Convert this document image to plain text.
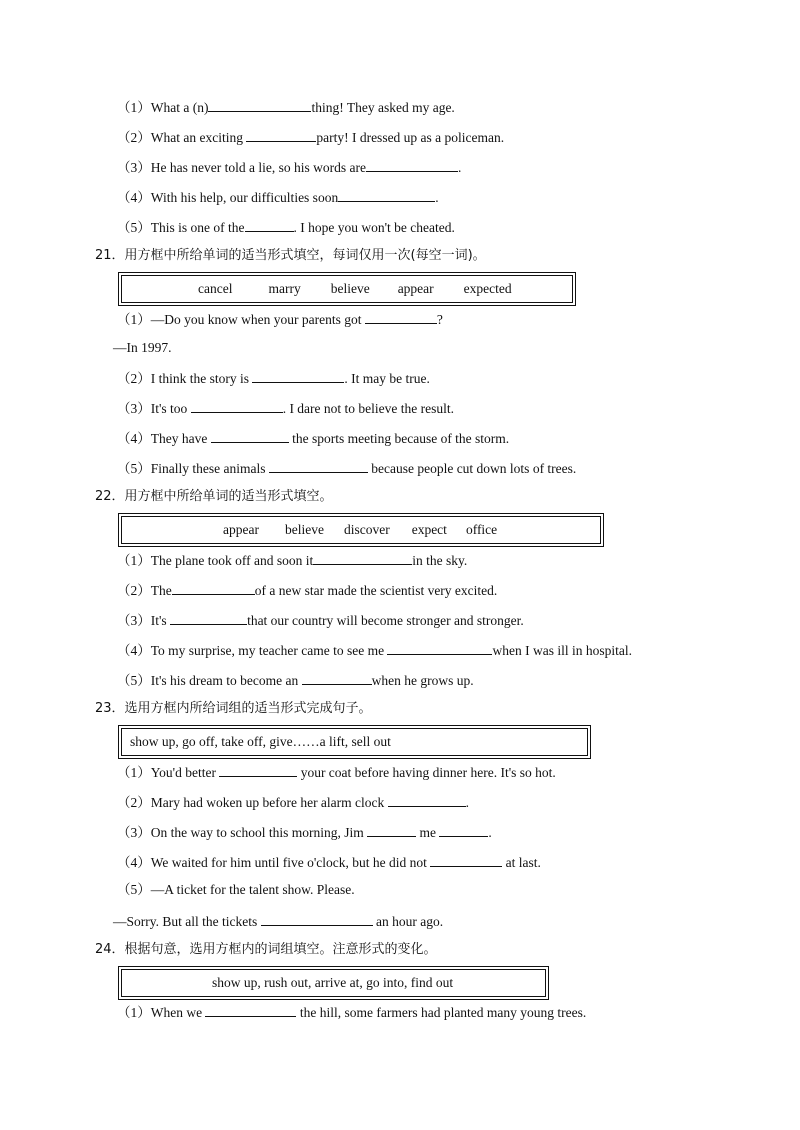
（1）What a (n)	thing! They asked my age.
（2）What an exciting	party! I dressed up as a policeman.
（3）He has never told a lie, so his words are	.
（4）With his help, our difficulties soon	.
（5）This is one of the	. I hope you won't be cheated.
21．用方框中所给单词的适当形式填空，每词仅用一次(每空一词)。
cancel	marry believe appear expected
（1）—Do you know when your parents got	?
—In 1997.
（2）I think the story is	. It may be true.
（3）It's too	. I dare not to believe the result.
（4）They have	the sports meeting because of the storm.
（5）Finally these animals	because people cut down lots of trees.
22．用方框中所给单词的适当形式填空。
appear believe discover expect office
（1）The plane took off and soon it	in the sky.
（2）The	of a new star made the scientist very excited.
（3）It's	that our country will become stronger and stronger.
（4）To my surprise, my teacher came to see me	when I was ill in hospital.
（5）It's his dream to become an	when he grows up.
23．选用方框内所给词组的适当形式完成句子。
show up, go off, take off, give……a lift, sell out
（1）You'd better	your coat before having dinner here. It's so hot.
（2）Mary had woken up before her alarm clock	.
（3）On the way to school this morning, Jim	me	.
（4）We waited for him until five o'clock, but he did not	at last.
（5）—A ticket for the talent show. Please.
—Sorry. But all the tickets	an hour ago.
24．根据句意，选用方框内的词组填空。注意形式的变化。
show up, rush out, arrive at, go into, find out
（1）When we	the hill, some farmers had planted many young trees.
